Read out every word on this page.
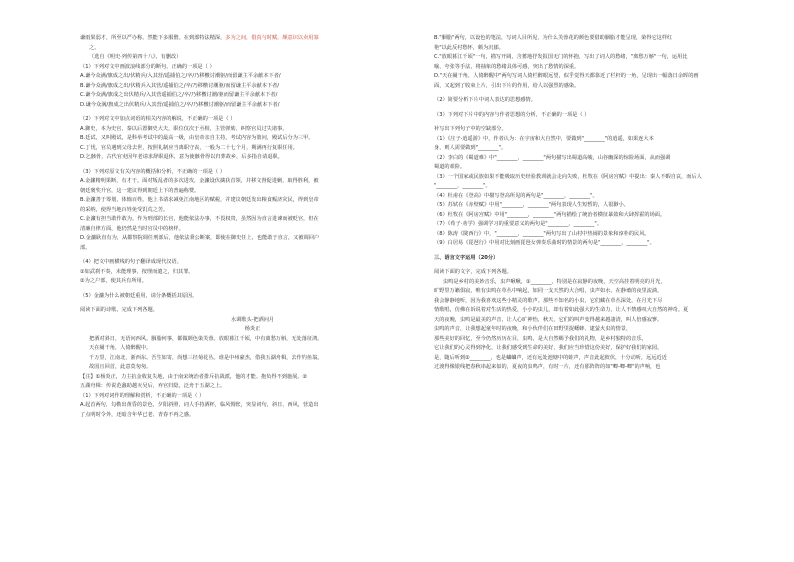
谦雨果弱才，所至以严办称。然能下多服偕。在到部特法精深，多为之间，借真与时赋，颇意识以卖用寡

之。

（选自《明史·列传第四十八》，有删改）

（1）下列对文中画波浪线部分的断句，正确的一项是（ ）

A.谦今众满/旗成之出/伏精兵/入其营/遥捕伯之/卒/乃移檄讨潮驱/而留谦主平余献本下者/

B.谦今众满/旗成之出/伏精兵入其营/遥捕伯之/卒/乃移檄讨潮驱/而留谦主平余献本下者/

C.谦今众满/旗成之出伏精兵/入其营遥捕伯之/卒/乃移檄讨潮/驱而留谦主平余献本下者/

D.谦今众满/旗成之出伏精兵/入其营/遥捕伯之/卒/乃移檄讨潮驱/而留谦主平余献本下者/

（2）下列对文中加点词语的相关内容的解说，不正确的一项是（ ）

A.御史，本为史官，秦以后置御史大夫，职位仅次于丞相，主管弹劾、纠察官员过失诸事。

B.廷试，又叫殿试，是科举考试中的最高一级，由皇帝亲自主持，考试内容为策问，殿试后分为三甲。

C.丁忧，官员遇到父母去世，按照礼制应当离职守丧，一般为二十七个月，期满再行复职任用。

D.乞骸骨，古代官吏因年老请求辞职退休，意为使骸骨得以归葬故乡，后多指自请退职。

（3）下列对原文有关内容的概括和分析，不正确的一项是（ ）

A.金濂精明果断，有才干。面对叛乱者的多次进攻，金濂设伏擒获首领，并移文督促进剿，取得胜利，被

朝廷褒奖升官，这一建议得到朝廷上下的普遍称赞。

B.金濂善于筹划，体恤百姓。他上书请求减免江南地区的赋税，并建议朝廷发出粮食赈济灾民，得到皇帝

的采纳，使得当地百姓免受饥荒之苦。

C.金濂有担当敢作敢为。作为刑部的长官，他能依法办事，不畏权贵，虽然因为直言进谏而被贬官，但在

清廉自律方面，他仍然是当时官员中的榜样。

D.金濂耿直有为，从都察院调任刑部后，他依法秉公断案，即使在御史任上，也能敢于直言，又被调回户

部。

（4）把文中画横线的句子翻译成现代汉语。

①如武刹不奏，未能理事，按理而遣之，归其罪。

②为之户部，使其兵有所用。

（5）金濂为什么被朝廷重用，请分条概括其原因。

阅读下面的诗歌，完成下列各题。

水调歌头·把酒问月

杨炎正

把酒对斜日，无语问西风。胭脂何事，都做颜色染芙蓉。放眼暮江千顷，中有离愁万斛，无处落征鸿。

天在阑干角，人倚醉醒中。

千万里，江南北，浙西东。吾生如寄，尚想三径菊花丛。谁是中州豪杰，借我五湖舟楫，去作钓鱼翁。

故国且回首，此意莫匆匆。

【注】①杨炎正，力主抗金收复失地，由于南宋统治者排斥抗战派，他的才能、抱负得不到施展。②

五湖舟楫：传说范蠡助越灭吴后，弃官归隐，泛舟于五湖之上。

（1）下列对词作的理解和赏析，不正确的一项是（ ）

A.起首两句，勾勒出黄昏的景色，夕阳斜照，词人手持酒杯，临风惆怅，突显词句，斜日、西风，营造出

了点明时令外，还暗含年华已老、青春不再之感。

B."胭脂"两句，以设色的笔法，写词人目所见，为什么芙蓉花的颜色要借助胭脂才能呈现，染得它这样红

艳"以此反衬愁怀，颇为沉郁。

C."放眼暮江千顷"一句，描写开阔，含蓄地抒发报国无门的怀抱，写出了词人的愁绪，"离愁万斛"一句，运用比

喻，夸张等手法，将抽象的愁绪具体可感，突出了愁情的深重。

D."天在阑干角，人倚醉醒中"两句写词人倚栏醉眼远望，似乎觉得天都靠近了栏杆的一角，呈现出一幅落日余晖的画

面，又起到了收束上片，引出下片的作用，给人以强烈的感染。

（2）简要分析下片中词人表达的思想感情。

（3）下列对下片中的内容与作者思想的分析，不正确的一项是（ ）

补写出下列句子中的空缺部分。

（1）《庄子·逍遥游》中，作者认为：在宇宙和大自然中，要做到"________"的逍遥，如果连大本

身，则人需要做到"________"。

（2）李白的《蜀道难》中"________，________"两句描写出蜀道高峻，山谷幽深的惊险场面，从而强调

蜀道的艰险。

（3）一个国家或民族如果不能吸取历史经验教训就会走向失败，杜牧在《阿房宫赋》中提出：秦人不暇自哀，而后人

"________，________"。

（4）杜甫在《登高》中描写登高所见的两句是"________，________"。

（5）苏轼在《赤壁赋》中用"________，________"两句表现人生短暂的，人很渺小。

（6）杜牧在《阿房宫赋》中用"________，________"两句描绘了统治者横征暴敛和大肆挥霍的场面。

（7）《荀子·劝学》强调学习的重要意义的两句是"________，________"。

（8）陈涛《陇西行》中，"________，________"两句写出了山村中热闹的景象和淳朴的民风。

（9）白居易《琵琶行》中用对比刻画琵琶女弹奏乐曲时的情景的两句是"________，________"。

三、语言文字运用（20分）

阅读下面的文字，完成下列各题。

虫鸣是乡村的美妙音乐，虫声啾啾，①________，特别是在寂静的夜晚，天空高挂着明亮的月光，

旷野里万籁俱寂，唯有虫鸣在草丛中响起，如同一支天然的大合唱，虫声如水，在静谧的夜里流淌，

我会静静地听，因为我喜欢这些小精灵的歌声。那些不知名的小虫，它们藏在草丛深处，在月光下尽

情歌唱，仿佛在诉说着对生活的热爱，小小的虫儿，却有着如此强大的生命力，让人不禁感叹大自然的神奇。夏

天的夜晚，虫鸣是最美的声音，让人心旷神怡，秋天，它们的叫声变得越来越凄清，叫人倍感寂寥。

虫鸣的声音，让我想起童年时的夜晚，和小伙伴们在田野里捉蟋蟀、逮萤火虫的情景，

那些美好的回忆，至今仍然历历在目，虫鸣，是大自然赐予我们的礼物，是乡村独特的音乐，

它让我们的心灵得到净化，让我们感受到生命的美好，我们应当珍惜这份美好，保护好我们的家园。

是，随后听到②________，也是蛐蛐声，还有远处池塘中的蛙声，声音此起彼伏，十分动听，远远近近

过渡得像银线把春秋串起来似的，夏夜的虫鸣声，有时一片，还有那阵阵的如"唧-唧-唧"的声响，也
